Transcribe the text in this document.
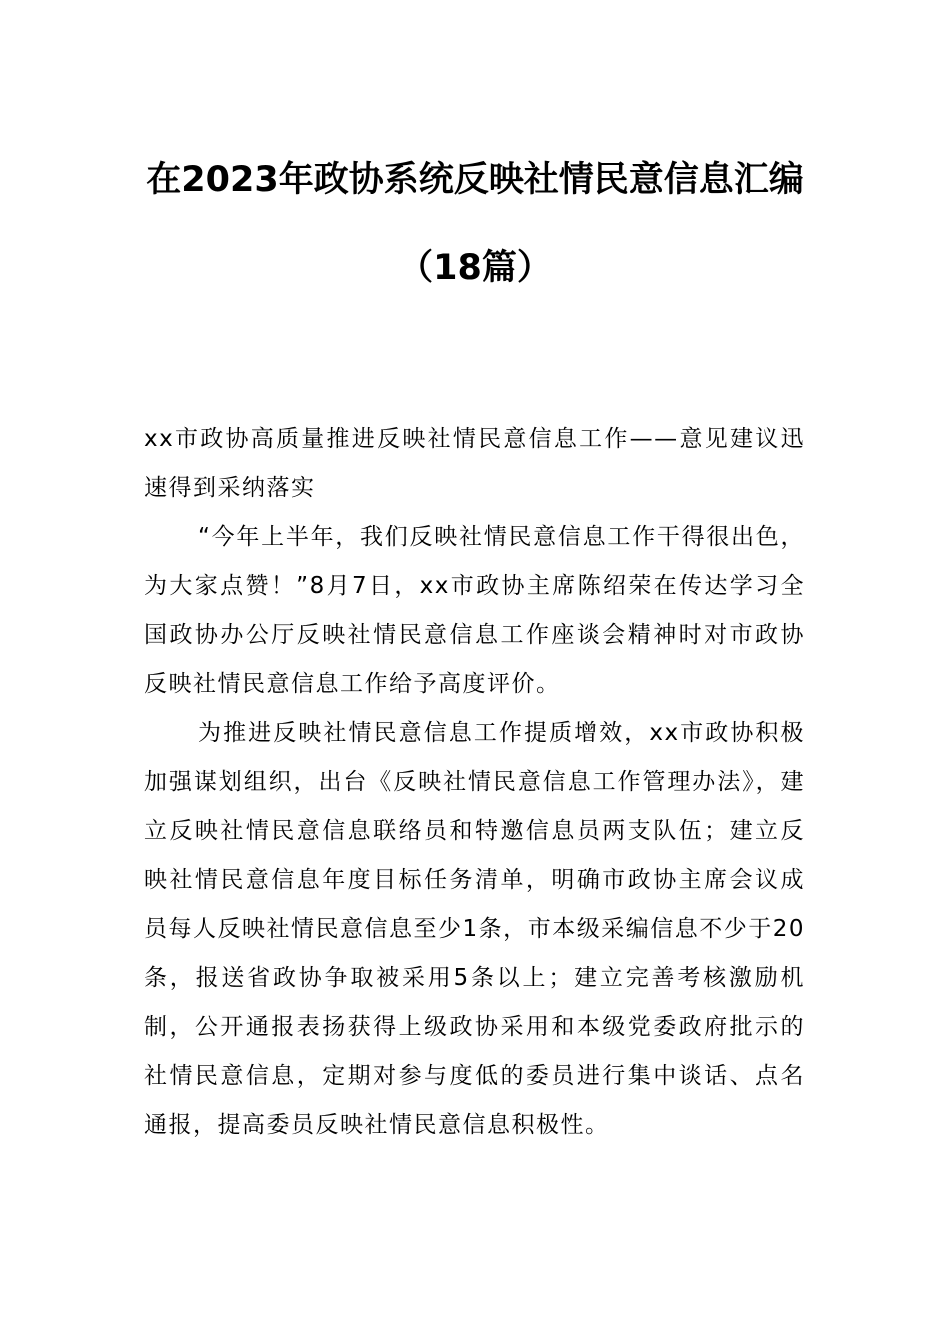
在2023年政协系统反映社情民意信息汇编
（18篇）

xx市政协高质量推进反映社情民意信息工作——意见建议迅速得到采纳落实

“今年上半年，我们反映社情民意信息工作干得很出色，为大家点赞！”8月7日，xx市政协主席陈绍荣在传达学习全国政协办公厅反映社情民意信息工作座谈会精神时对市政协反映社情民意信息工作给予高度评价。

为推进反映社情民意信息工作提质增效，xx市政协积极加强谋划组织，出台《反映社情民意信息工作管理办法》，建立反映社情民意信息联络员和特邀信息员两支队伍；建立反映社情民意信息年度目标任务清单，明确市政协主席会议成员每人反映社情民意信息至少1条，市本级采编信息不少于20条，报送省政协争取被采用5条以上；建立完善考核激励机制，公开通报表扬获得上级政协采用和本级党委政府批示的社情民意信息，定期对参与度低的委员进行集中谈话、点名通报，提高委员反映社情民意信息积极性。
